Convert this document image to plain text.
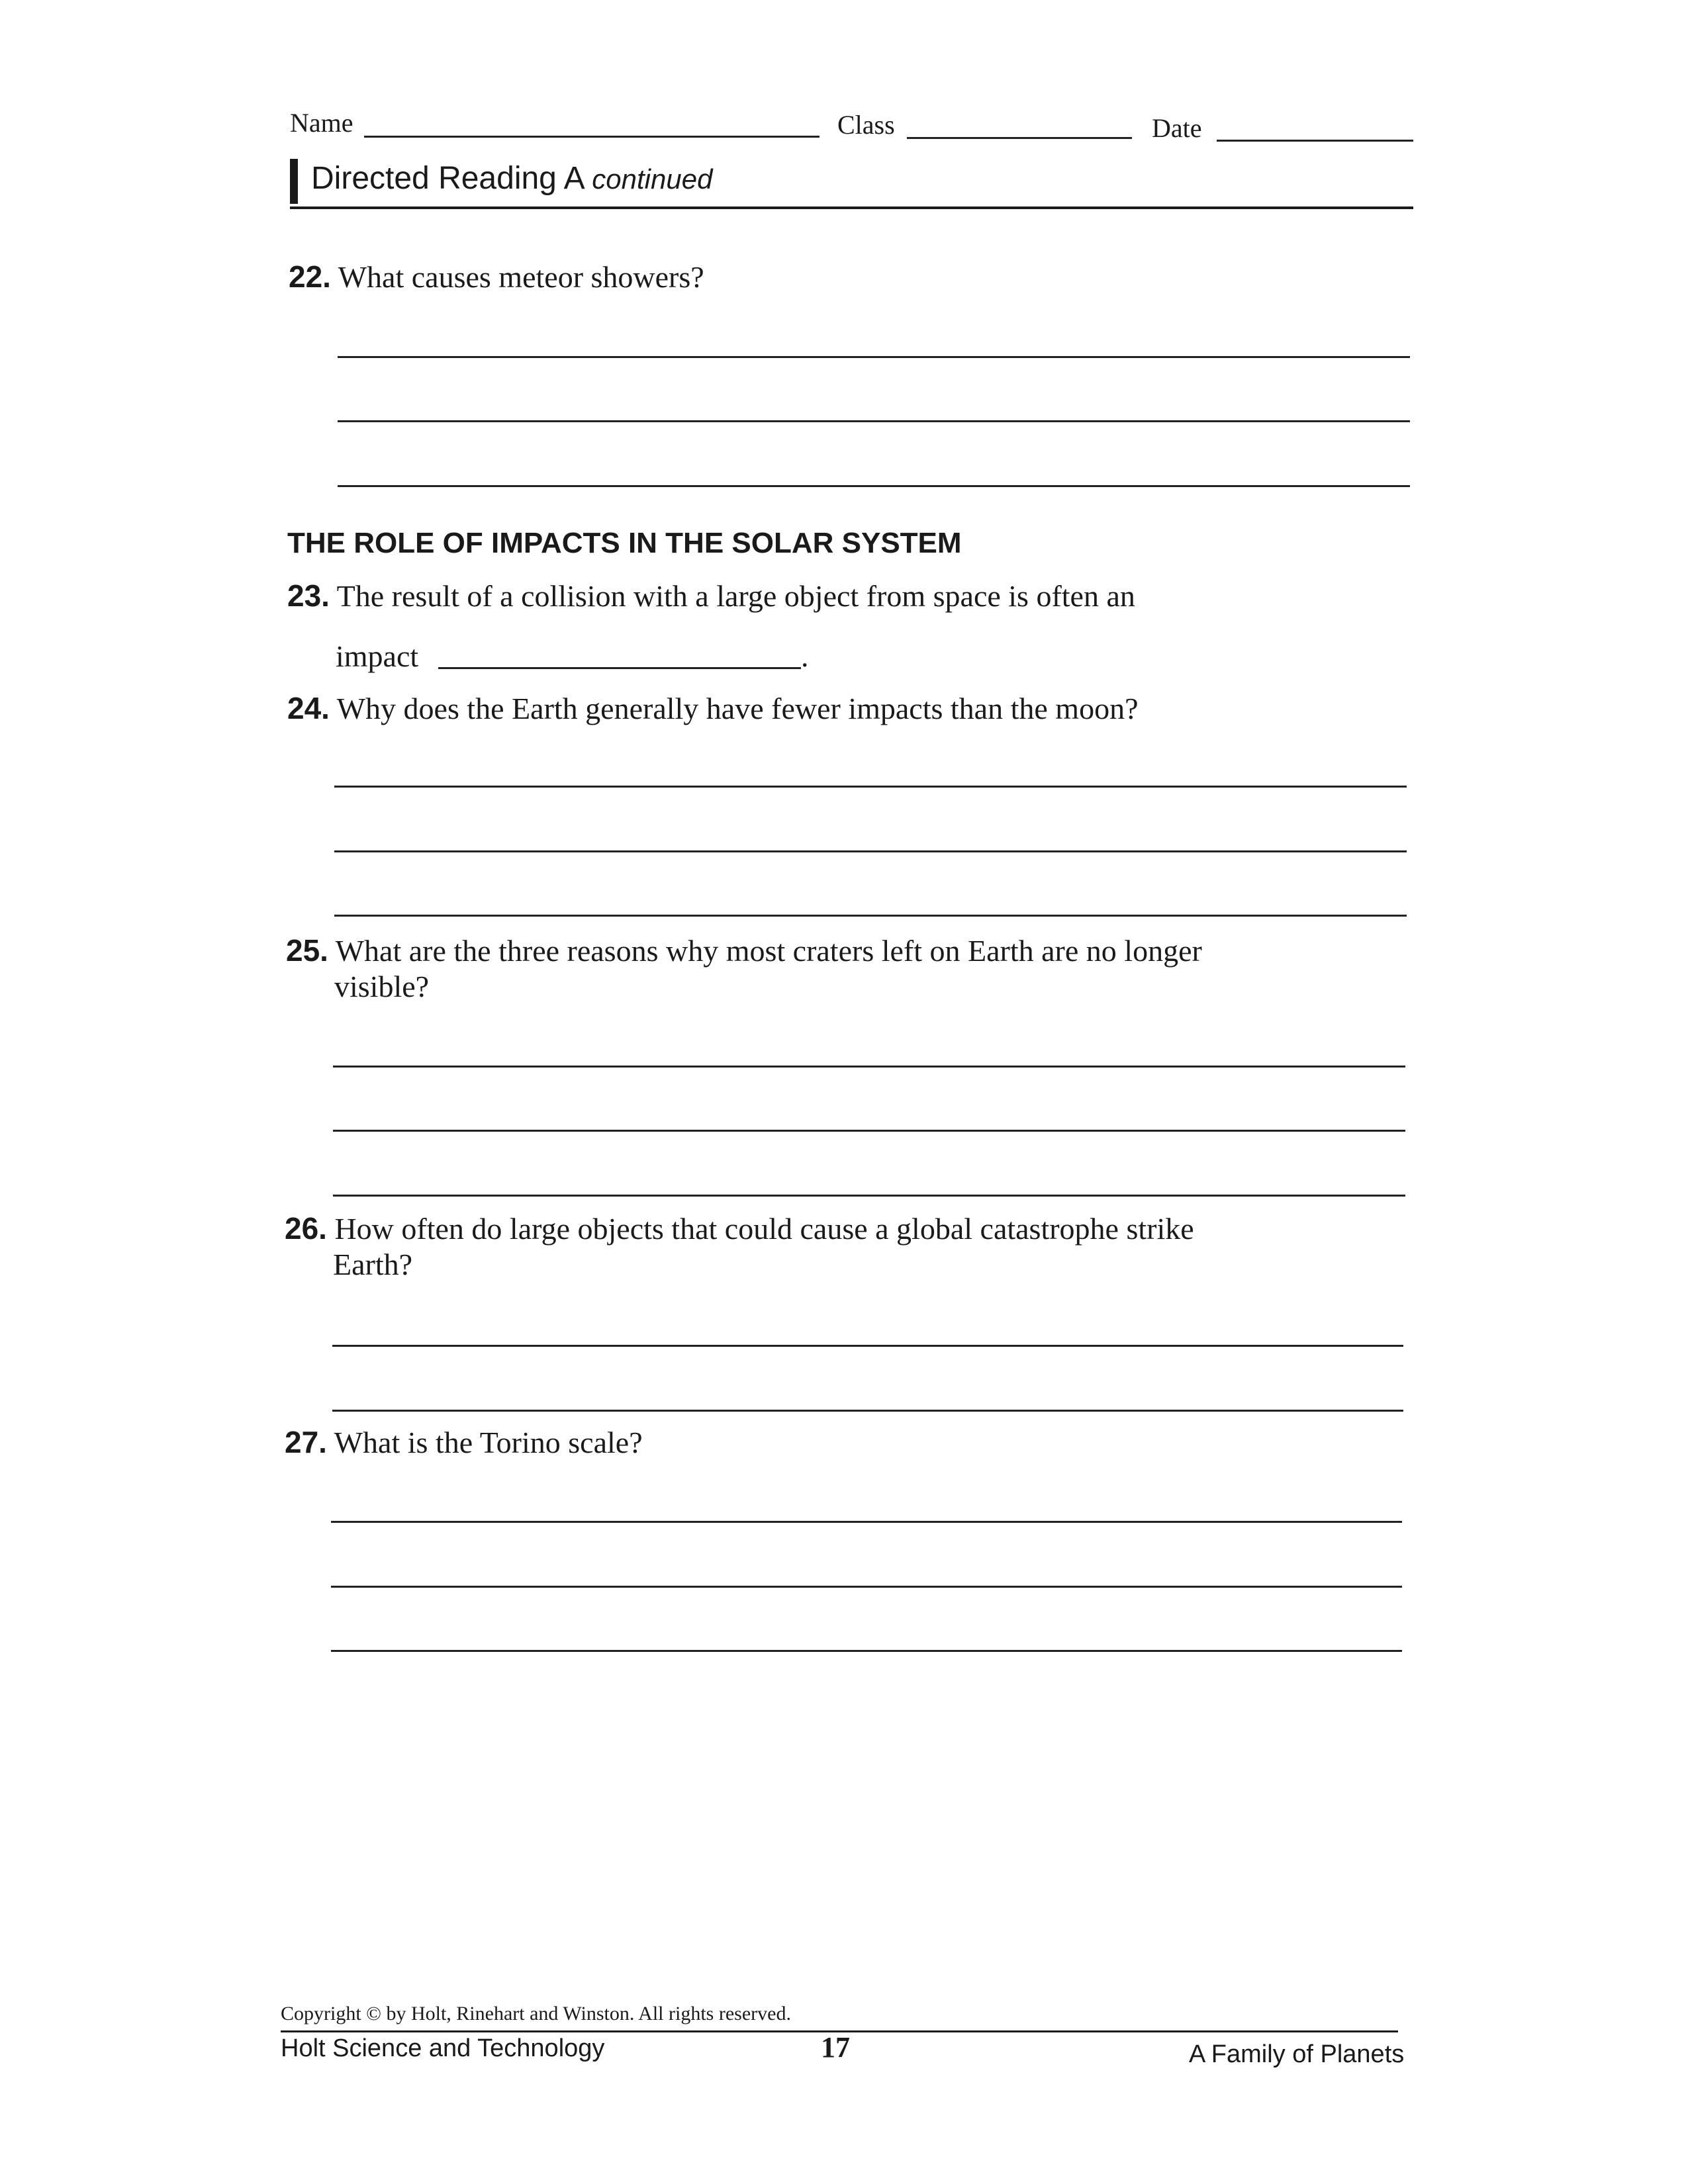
Name	Class	Date
Directed Reading A continued
22. What causes meteor showers?
THE ROLE OF IMPACTS IN THE SOLAR SYSTEM
23. The result of a collision with a large object from space is often an
impact	.
24. Why does the Earth generally have fewer impacts than the moon?
25. What are the three reasons why most craters left on Earth are no longer
visible?
26. How often do large objects that could cause a global catastrophe strike
Earth?
27. What is the Torino scale?
Copyright © by Holt, Rinehart and Winston. All rights reserved.
Holt Science and Technology	17	A Family of Planets
